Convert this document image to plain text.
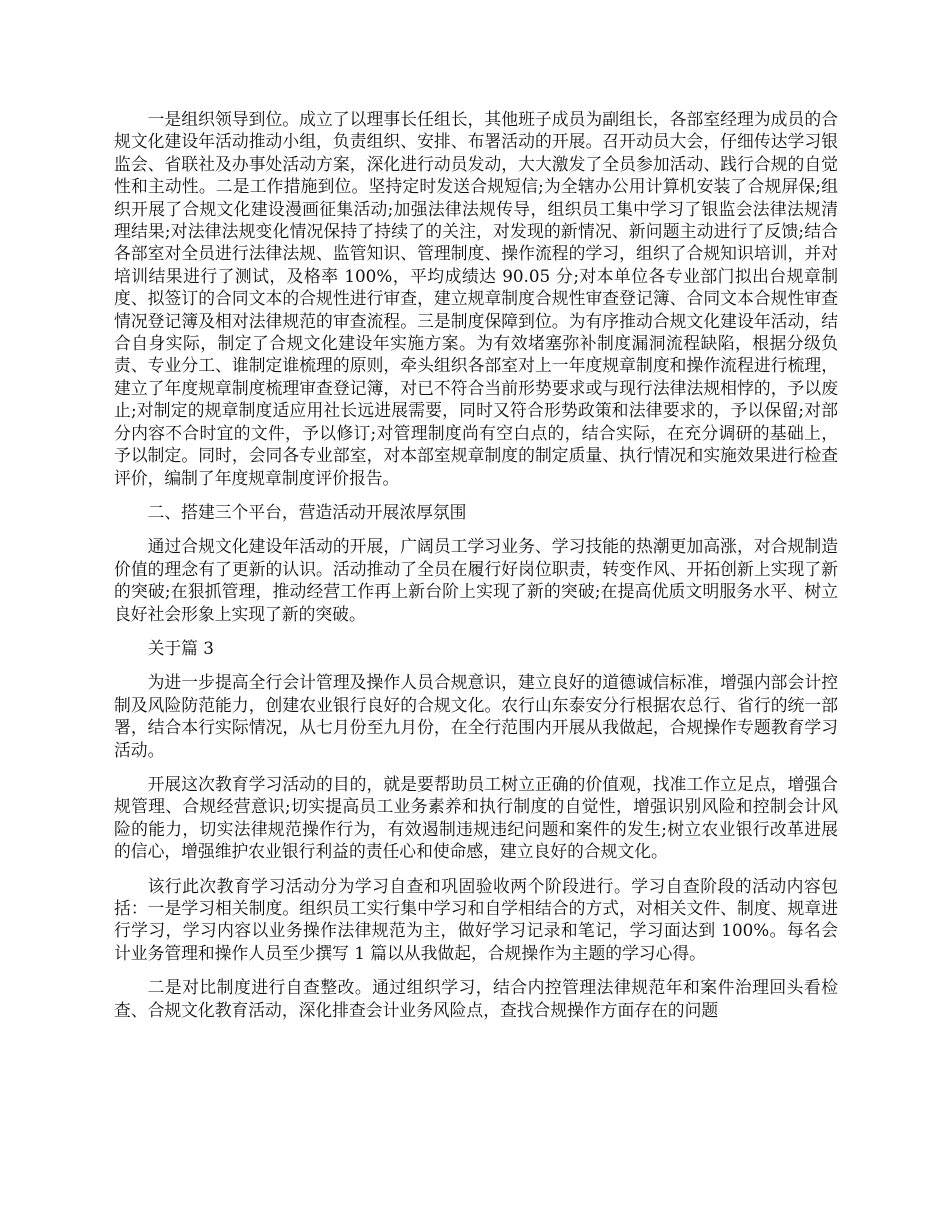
一是组织领导到位。成立了以理事长任组长，其他班子成员为副组长，各部室经理为成员的合规文化建设年活动推动小组，负责组织、安排、布署活动的开展。召开动员大会，仔细传达学习银监会、省联社及办事处活动方案，深化进行动员发动，大大激发了全员参加活动、践行合规的自觉性和主动性。二是工作措施到位。坚持定时发送合规短信;为全辖办公用计算机安装了合规屏保;组织开展了合规文化建设漫画征集活动;加强法律法规传导，组织员工集中学习了银监会法律法规清理结果;对法律法规变化情况保持了持续了的关注，对发现的新情况、新问题主动进行了反馈;结合各部室对全员进行法律法规、监管知识、管理制度、操作流程的学习，组织了合规知识培训，并对培训结果进行了测试，及格率 100%，平均成绩达 90.05 分;对本单位各专业部门拟出台规章制度、拟签订的合同文本的合规性进行审查，建立规章制度合规性审查登记簿、合同文本合规性审查情况登记簿及相对法律规范的审查流程。三是制度保障到位。为有序推动合规文化建设年活动，结合自身实际，制定了合规文化建设年实施方案。为有效堵塞弥补制度漏洞流程缺陷，根据分级负责、专业分工、谁制定谁梳理的原则，牵头组织各部室对上一年度规章制度和操作流程进行梳理，建立了年度规章制度梳理审查登记簿，对已不符合当前形势要求或与现行法律法规相悖的，予以废止;对制定的规章制度适应用社长远进展需要，同时又符合形势政策和法律要求的，予以保留;对部分内容不合时宜的文件，予以修订;对管理制度尚有空白点的，结合实际，在充分调研的基础上，予以制定。同时，会同各专业部室，对本部室规章制度的制定质量、执行情况和实施效果进行检查评价，编制了年度规章制度评价报告。

二、搭建三个平台，营造活动开展浓厚氛围

通过合规文化建设年活动的开展，广阔员工学习业务、学习技能的热潮更加高涨，对合规制造价值的理念有了更新的认识。活动推动了全员在履行好岗位职责，转变作风、开拓创新上实现了新的突破;在狠抓管理，推动经营工作再上新台阶上实现了新的突破;在提高优质文明服务水平、树立良好社会形象上实现了新的突破。

关于篇 3

为进一步提高全行会计管理及操作人员合规意识，建立良好的道德诚信标准，增强内部会计控制及风险防范能力，创建农业银行良好的合规文化。农行山东泰安分行根据农总行、省行的统一部署，结合本行实际情况，从七月份至九月份，在全行范围内开展从我做起，合规操作专题教育学习活动。

开展这次教育学习活动的目的，就是要帮助员工树立正确的价值观，找准工作立足点，增强合规管理、合规经营意识;切实提高员工业务素养和执行制度的自觉性，增强识别风险和控制会计风险的能力，切实法律规范操作行为，有效遏制违规违纪问题和案件的发生;树立农业银行改革进展的信心，增强维护农业银行利益的责任心和使命感，建立良好的合规文化。

该行此次教育学习活动分为学习自查和巩固验收两个阶段进行。学习自查阶段的活动内容包括：一是学习相关制度。组织员工实行集中学习和自学相结合的方式，对相关文件、制度、规章进行学习，学习内容以业务操作法律规范为主，做好学习记录和笔记，学习面达到 100%。每名会计业务管理和操作人员至少撰写 1 篇以从我做起，合规操作为主题的学习心得。

二是对比制度进行自查整改。通过组织学习，结合内控管理法律规范年和案件治理回头看检查、合规文化教育活动，深化排查会计业务风险点，查找合规操作方面存在的问题
